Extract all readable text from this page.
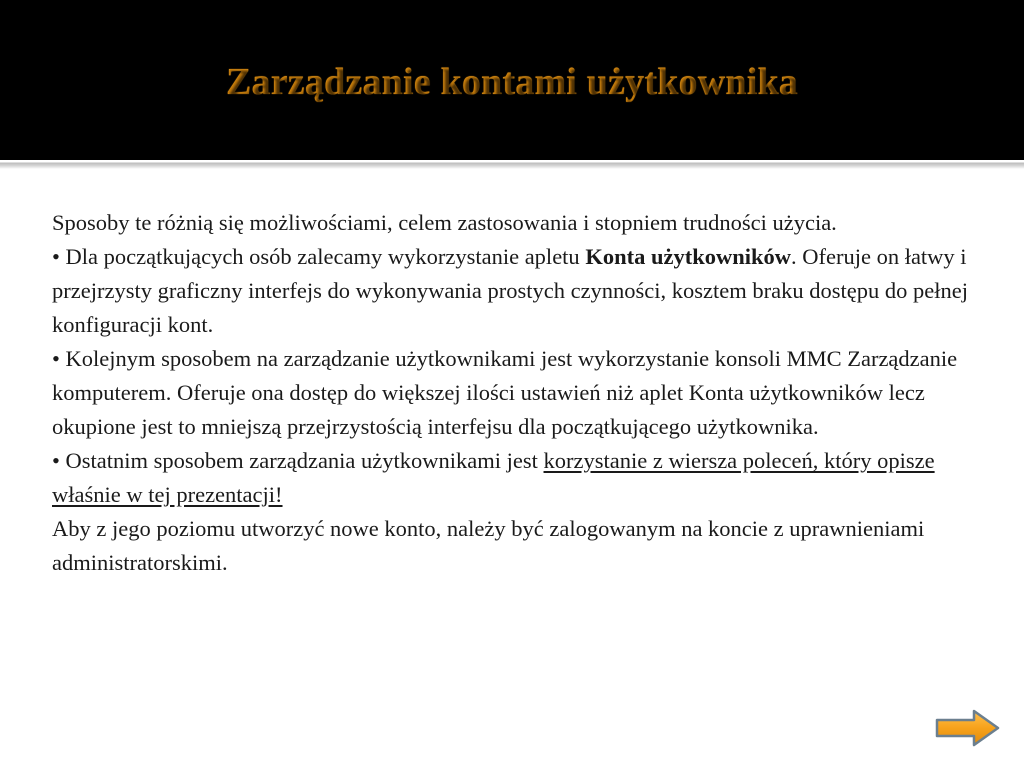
Zarządzanie kontami użytkownika

Sposoby te różnią się możliwościami, celem zastosowania i stopniem trudności użycia.

• Dla początkujących osób zalecamy wykorzystanie apletu Konta użytkowników. Oferuje on łatwy i przejrzysty graficzny interfejs do wykonywania prostych czynności, kosztem braku dostępu do pełnej konfiguracji kont.

• Kolejnym sposobem na zarządzanie użytkownikami jest wykorzystanie konsoli MMC Zarządzanie komputerem. Oferuje ona dostęp do większej ilości ustawień niż aplet Konta użytkowników lecz okupione jest to mniejszą przejrzystością interfejsu dla początkującego użytkownika.

• Ostatnim sposobem zarządzania użytkownikami jest korzystanie z wiersza poleceń, który opisze właśnie w tej prezentacji!

Aby z jego poziomu utworzyć nowe konto, należy być zalogowanym na koncie z uprawnieniami administratorskimi.
